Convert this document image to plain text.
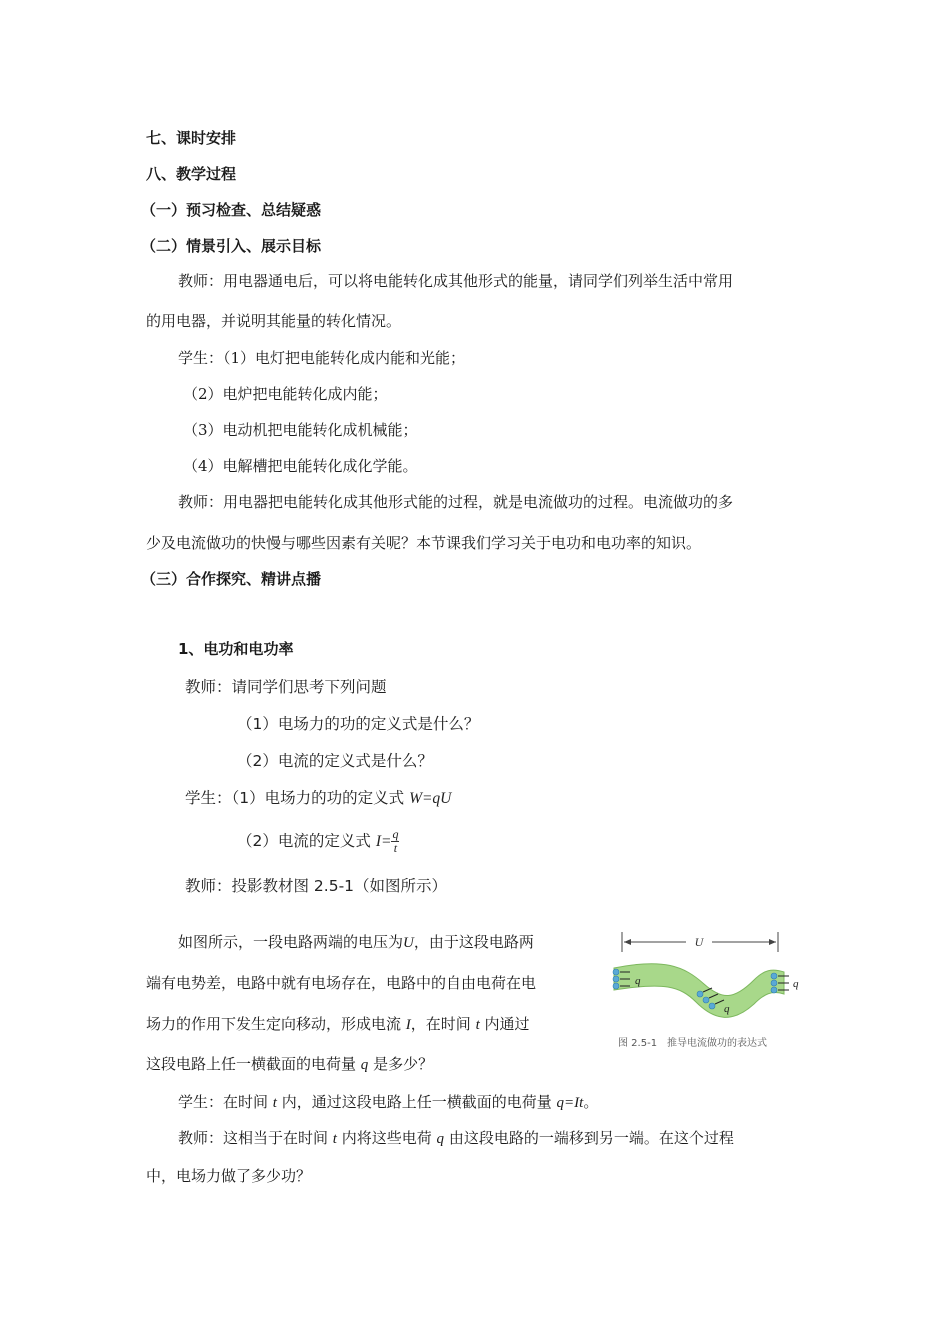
七、课时安排
八、教学过程
（一）预习检查、总结疑惑
（二）情景引入、展示目标
教师：用电器通电后，可以将电能转化成其他形式的能量，请同学们列举生活中常用
的用电器，并说明其能量的转化情况。
学生：（1）电灯把电能转化成内能和光能；
（2）电炉把电能转化成内能；
（3）电动机把电能转化成机械能；
（4）电解槽把电能转化成化学能。
教师：用电器把电能转化成其他形式能的过程，就是电流做功的过程。电流做功的多
少及电流做功的快慢与哪些因素有关呢？本节课我们学习关于电功和电功率的知识。
（三）合作探究、精讲点播
1、电功和电功率
教师：请同学们思考下列问题
（1）电场力的功的定义式是什么？
（2）电流的定义式是什么？
学生：（1）电场力的功的定义式 W=qU
（2）电流的定义式 $I= \frac{q}{t}$
教师：投影教材图 2.5-1（如图所示）
如图所示，一段电路两端的电压为U，由于这段电路两
端有电势差，电路中就有电场存在，电路中的自由电荷在电
场力的作用下发生定向移动，形成电流 I，在时间 t 内通过
这段电路上任一横截面的电荷量 q 是多少？
学生：在时间 t 内，通过这段电路上任一横截面的电荷量 q=It。
教师：这相当于在时间 t 内将这些电荷 q 由这段电路的一端移到另一端。在这个过程
中，电场力做了多少功？
U
q
q
q
图 2.5-1　推导电流做功的表达式
